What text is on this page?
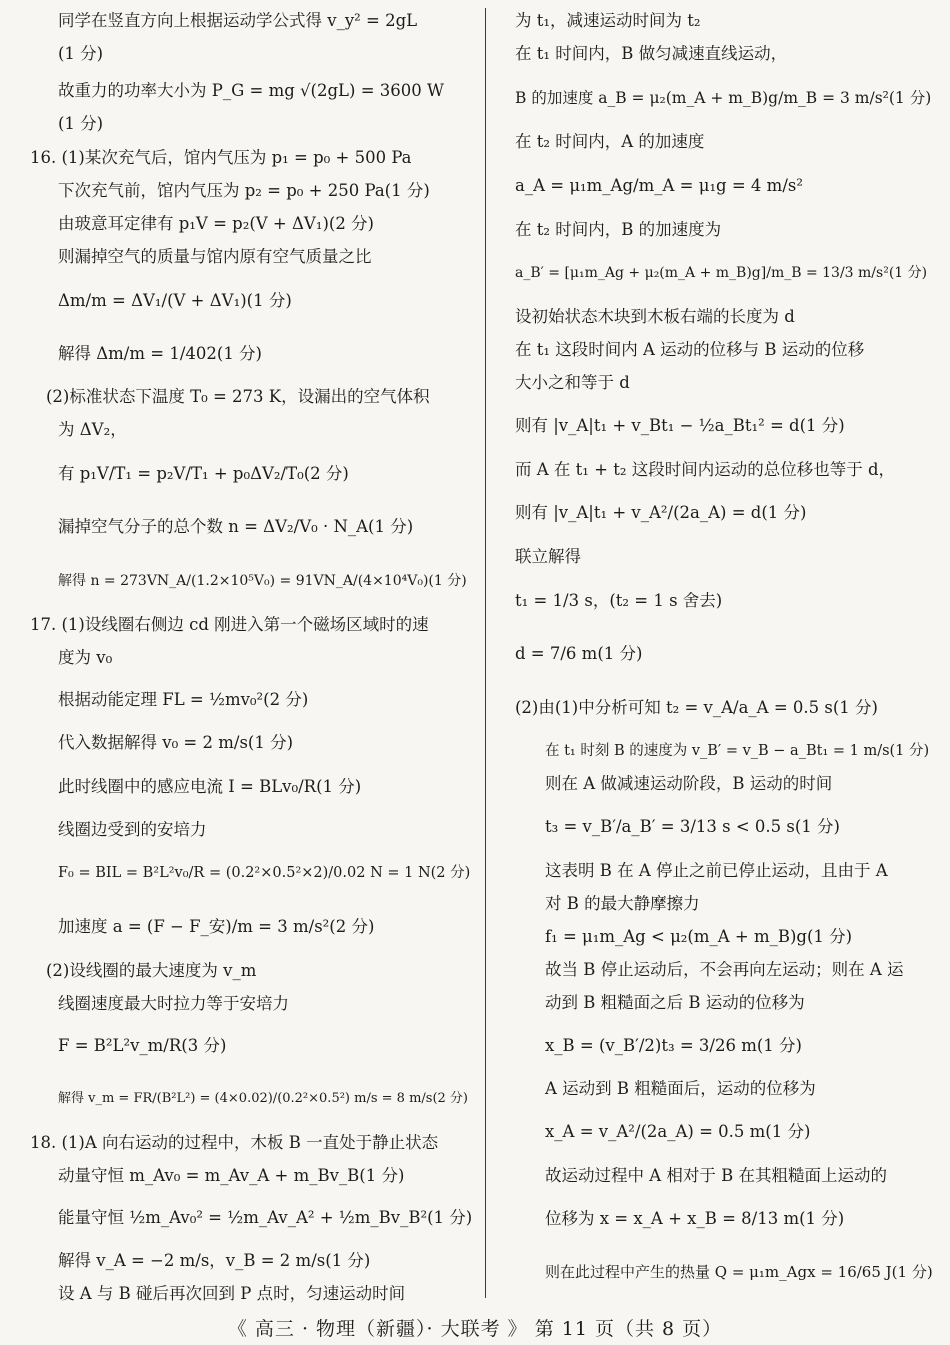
同学在竖直方向上根据运动学公式得 v_y² = 2gL
(1 分)
故重力的功率大小为 P_G = mg √(2gL) = 3600 W
(1 分)
16. (1)某次充气后，馆内气压为 p₁ = p₀ + 500 Pa
下次充气前，馆内气压为 p₂ = p₀ + 250 Pa(1 分)
由玻意耳定律有 p₁V = p₂(V + ΔV₁)(2 分)
则漏掉空气的质量与馆内原有空气质量之比
Δm/m = ΔV₁/(V + ΔV₁)(1 分)
解得 Δm/m = 1/402(1 分)
(2)标准状态下温度 T₀ = 273 K，设漏出的空气体积
为 ΔV₂，
有 p₁V/T₁ = p₂V/T₁ + p₀ΔV₂/T₀(2 分)
漏掉空气分子的总个数 n = ΔV₂/V₀ · N_A(1 分)
解得 n = 273VN_A/(1.2×10⁵V₀) = 91VN_A/(4×10⁴V₀)(1 分)
17. (1)设线圈右侧边 cd 刚进入第一个磁场区域时的速
度为 v₀
根据动能定理 FL = ½mv₀²(2 分)
代入数据解得 v₀ = 2 m/s(1 分)
此时线圈中的感应电流 I = BLv₀/R(1 分)
线圈边受到的安培力
F₀ = BIL = B²L²v₀/R = (0.2²×0.5²×2)/0.02 N = 1 N(2 分)
加速度 a = (F − F_安)/m = 3 m/s²(2 分)
(2)设线圈的最大速度为 v_m
线圈速度最大时拉力等于安培力
F = B²L²v_m/R(3 分)
解得 v_m = FR/(B²L²) = (4×0.02)/(0.2²×0.5²) m/s = 8 m/s(2 分)
18. (1)A 向右运动的过程中，木板 B 一直处于静止状态
动量守恒 m_Av₀ = m_Av_A + m_Bv_B(1 分)
能量守恒 ½m_Av₀² = ½m_Av_A² + ½m_Bv_B²(1 分)
解得 v_A = −2 m/s，v_B = 2 m/s(1 分)
设 A 与 B 碰后再次回到 P 点时，匀速运动时间
为 t₁，减速运动时间为 t₂
在 t₁ 时间内，B 做匀减速直线运动，
B 的加速度 a_B = μ₂(m_A + m_B)g/m_B = 3 m/s²(1 分)
在 t₂ 时间内，A 的加速度
a_A = μ₁m_Ag/m_A = μ₁g = 4 m/s²
在 t₂ 时间内，B 的加速度为
a_B′ = [μ₁m_Ag + μ₂(m_A + m_B)g]/m_B = 13/3 m/s²(1 分)
设初始状态木块到木板右端的长度为 d
在 t₁ 这段时间内 A 运动的位移与 B 运动的位移
大小之和等于 d
则有 |v_A|t₁ + v_Bt₁ − ½a_Bt₁² = d(1 分)
而 A 在 t₁ + t₂ 这段时间内运动的总位移也等于 d，
则有 |v_A|t₁ + v_A²/(2a_A) = d(1 分)
联立解得
t₁ = 1/3 s，(t₂ = 1 s 舍去)
d = 7/6 m(1 分)
(2)由(1)中分析可知 t₂ = v_A/a_A = 0.5 s(1 分)
在 t₁ 时刻 B 的速度为 v_B′ = v_B − a_Bt₁ = 1 m/s(1 分)
则在 A 做减速运动阶段，B 运动的时间
t₃ = v_B′/a_B′ = 3/13 s < 0.5 s(1 分)
这表明 B 在 A 停止之前已停止运动，且由于 A
对 B 的最大静摩擦力
f₁ = μ₁m_Ag < μ₂(m_A + m_B)g(1 分)
故当 B 停止运动后，不会再向左运动；则在 A 运
动到 B 粗糙面之后 B 运动的位移为
x_B = (v_B′/2)t₃ = 3/26 m(1 分)
A 运动到 B 粗糙面后，运动的位移为
x_A = v_A²/(2a_A) = 0.5 m(1 分)
故运动过程中 A 相对于 B 在其粗糙面上运动的
位移为 x = x_A + x_B = 8/13 m(1 分)
则在此过程中产生的热量 Q = μ₁m_Agx = 16/65 J(1 分)
《 高三 · 物理（新疆）· 大联考 》 第 11 页（共 8 页）
